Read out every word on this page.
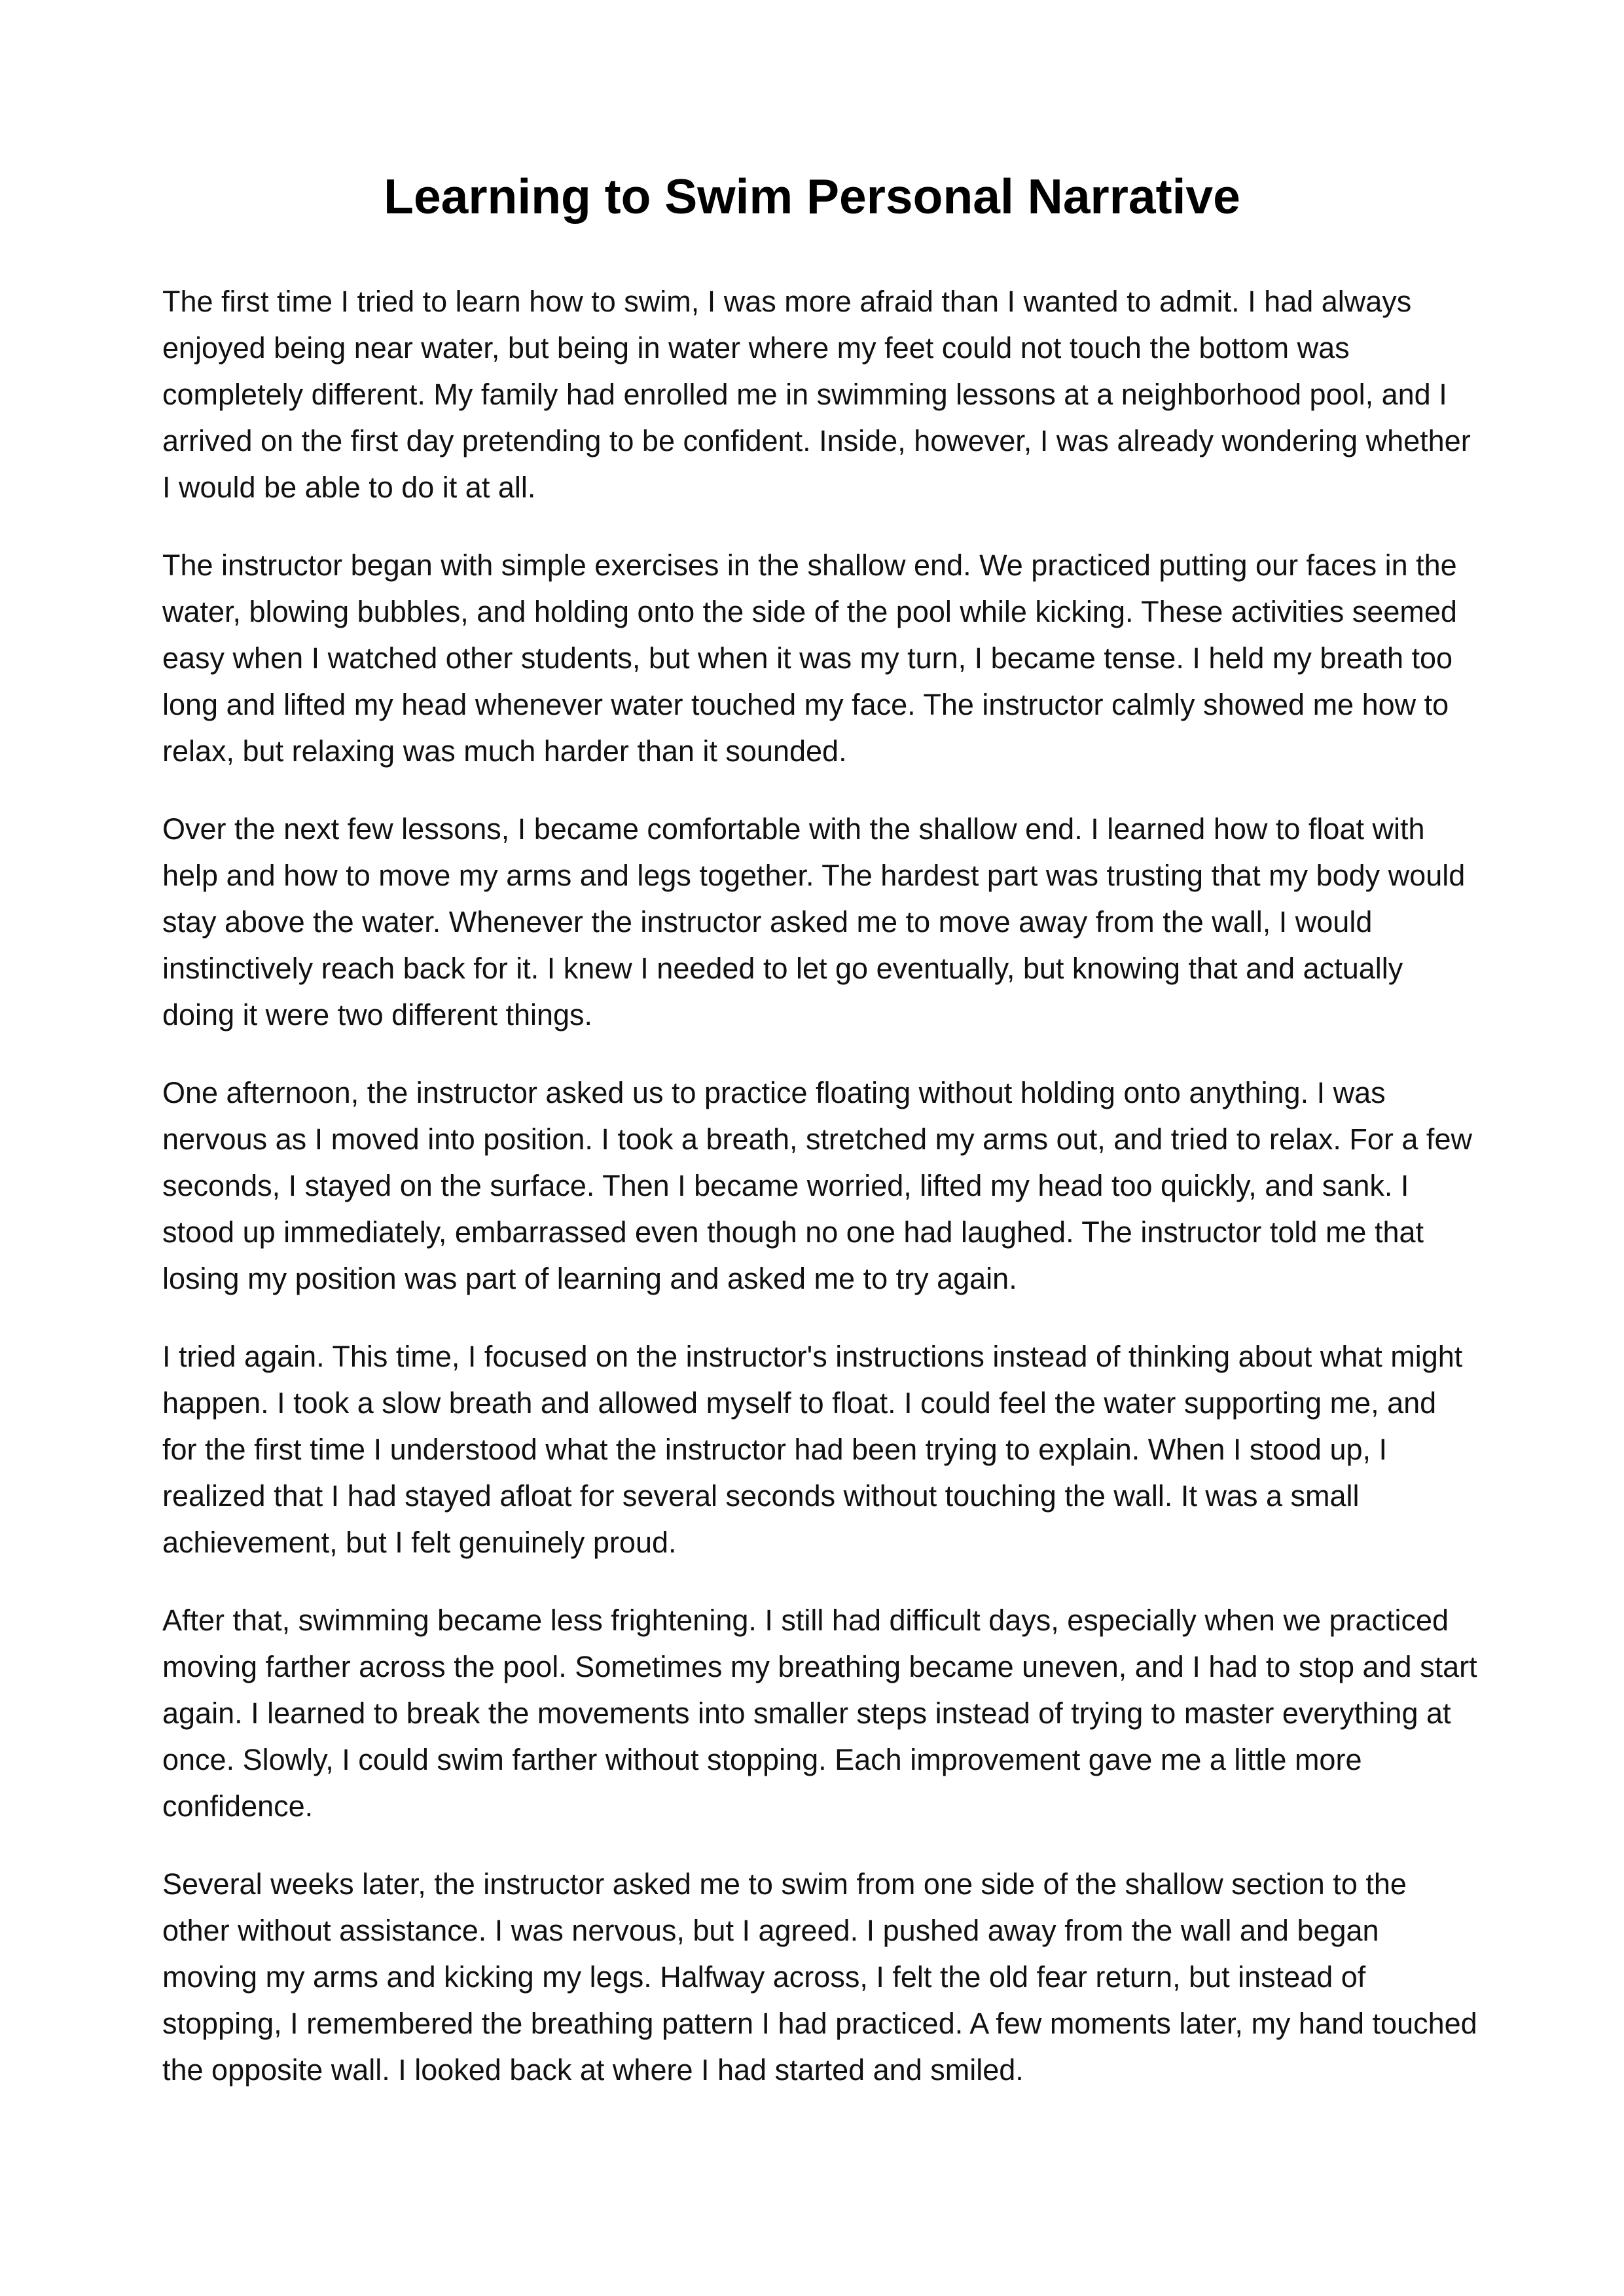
Learning to Swim Personal Narrative

The first time I tried to learn how to swim, I was more afraid than I wanted to admit. I had always enjoyed being near water, but being in water where my feet could not touch the bottom was completely different. My family had enrolled me in swimming lessons at a neighborhood pool, and I arrived on the first day pretending to be confident. Inside, however, I was already wondering whether I would be able to do it at all.

The instructor began with simple exercises in the shallow end. We practiced putting our faces in the water, blowing bubbles, and holding onto the side of the pool while kicking. These activities seemed easy when I watched other students, but when it was my turn, I became tense. I held my breath too long and lifted my head whenever water touched my face. The instructor calmly showed me how to relax, but relaxing was much harder than it sounded.

Over the next few lessons, I became comfortable with the shallow end. I learned how to float with help and how to move my arms and legs together. The hardest part was trusting that my body would stay above the water. Whenever the instructor asked me to move away from the wall, I would instinctively reach back for it. I knew I needed to let go eventually, but knowing that and actually doing it were two different things.

One afternoon, the instructor asked us to practice floating without holding onto anything. I was nervous as I moved into position. I took a breath, stretched my arms out, and tried to relax. For a few seconds, I stayed on the surface. Then I became worried, lifted my head too quickly, and sank. I stood up immediately, embarrassed even though no one had laughed. The instructor told me that losing my position was part of learning and asked me to try again.

I tried again. This time, I focused on the instructor's instructions instead of thinking about what might happen. I took a slow breath and allowed myself to float. I could feel the water supporting me, and for the first time I understood what the instructor had been trying to explain. When I stood up, I realized that I had stayed afloat for several seconds without touching the wall. It was a small achievement, but I felt genuinely proud.

After that, swimming became less frightening. I still had difficult days, especially when we practiced moving farther across the pool. Sometimes my breathing became uneven, and I had to stop and start again. I learned to break the movements into smaller steps instead of trying to master everything at once. Slowly, I could swim farther without stopping. Each improvement gave me a little more confidence.

Several weeks later, the instructor asked me to swim from one side of the shallow section to the other without assistance. I was nervous, but I agreed. I pushed away from the wall and began moving my arms and kicking my legs. Halfway across, I felt the old fear return, but instead of stopping, I remembered the breathing pattern I had practiced. A few moments later, my hand touched the opposite wall. I looked back at where I had started and smiled.
